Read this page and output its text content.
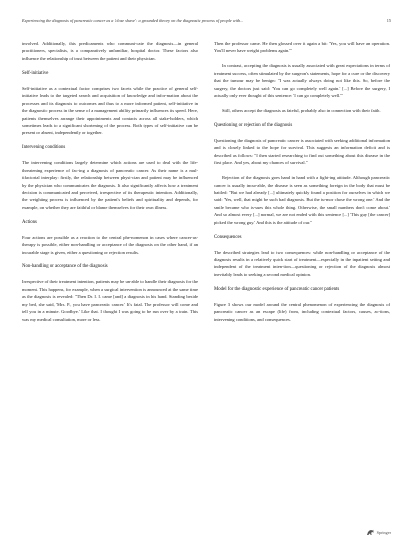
Experiencing the diagnosis of pancreatic cancer as a 'close shave': a grounded theory on the diagnostic process of people with...	15

involved. Additionally, this predicaments who communi-cate the diagnosis—in general practitioners, specialists, is a comparatively unfamiliar, hospital doctor. These factors also influence the relationship of trust between the patient and their physician.

Self-initiative

Self-initiative as a contextual factor comprises two facets while the practice of general self-initiative leads to the targeted search and acquisition of knowledge and infor-mation about the processes and its diagnosis to outcomes and thus to a more informed patient, self-initiative in the diagnostic process in the sense of a management ability primarily influences its speed. Here, patients themselves arrange their appointments and contacts across all stake-holders, which sometimes leads to a significant shortening of the process. Both types of self-initiative can be present or absent, independently or together.

Intervening conditions

The intervening conditions largely determine which actions are used to deal with the life-threatening experience of fac-ing a diagnosis of pancreatic cancer. As their name is a mul-tifactorial interplay: firstly, the relationship between physi-cian and patient may be influenced by the physician who communicates the diagnosis. It also significantly affects how a treatment decision is communicated and perceived, irrespective of its therapeutic intention. Additionally, the weighting process is influenced by the patient's beliefs and spirituality and depends, for example, on whether they are faithful or blame themselves for their own illness.

Actions

Four actions are possible as a reaction to the central phe-nomenon in cases where cancer-as-therapy is possible, either non-handling or acceptance of the diagnosis on the other hand, if an incurable stage is given, either a questioning or rejection results.

Non-handling or acceptance of the diagnosis

Irrespective of their treatment intention, patients may be un-able to handle their diagnosis for the moment. This happens, for example, when a surgical intervention is announced at the same time as the diagnosis is revealed: "Then Dr. I. I. came [and] a diagnosis in his hand. Standing beside my bed, she said, 'Mrs. P., you have pancreatic cancer.' It's fatal. The professor will come and tell you in a minute. Goodbye.' Like that. I thought I was going to be run over by a train. This was my medical consultation, more or less.

Then the professor came. He then glossed over it again a bit: 'Yes, you will have an operation. You'll never have weight problems again.'"

In contrast, accepting the diagnosis is usually associated with great expectations in terms of treatment success, often stimulated by the surgeon's statements, hope for a cure or the discovery that the tumour may be benign: "I was actually always doing not like this. So, before the surgery, the doctors just said: 'You can go completely well again.' [...] Before the surgery, I actually only ever thought of this sentence: 'I can go completely well.'"

Still, others accept the diagnosis as fateful, probably also in connection with their faith.

Questioning or rejection of the diagnosis

Questioning the diagnosis of pancreatic cancer is associated with seeking additional information and is closely linked to the hope for survival. This suggests an information deficit and is described as follows: "I then started researching to find out something about this disease in the first place. And yes, about my chances of survival."

Rejection of the diagnosis goes hand in hand with a fight-ing attitude. Although pancreatic cancer is usually incur-able, the disease is seen as something foreign in the body that must be battled: "But we had already [...] ultimately quickly found a position for ourselves in which we said: 'Yes, well, that might be such bad diagnosis. But the tu-mor chose the wrong one.' And the smile became who is-sues this whole thing. Otherwise, the small numbers don't come about.' And so almost every [...] normal, we are not ended with this sentence [...] 'This guy [the cancer] picked the wrong guy.' And this is the attitude of our."

Consequences

The described strategies lead to two consequences: while non-handling or acceptance of the diagnosis results in a relatively quick start of treatment—especially in the inpatient setting and independent of the treatment inten-tion—questioning or rejection of the diagnosis almost inevitably leads to seeking a second medical opinion.

Model for the diagnostic experience of pancreatic cancer patients

Figure 3 shows our model around the central phenomenon of experiencing the diagnosis of pancreatic cancer as an escape (life) from, including contextual factors, causes, ac-tions, intervening conditions, and consequences.

Springer
